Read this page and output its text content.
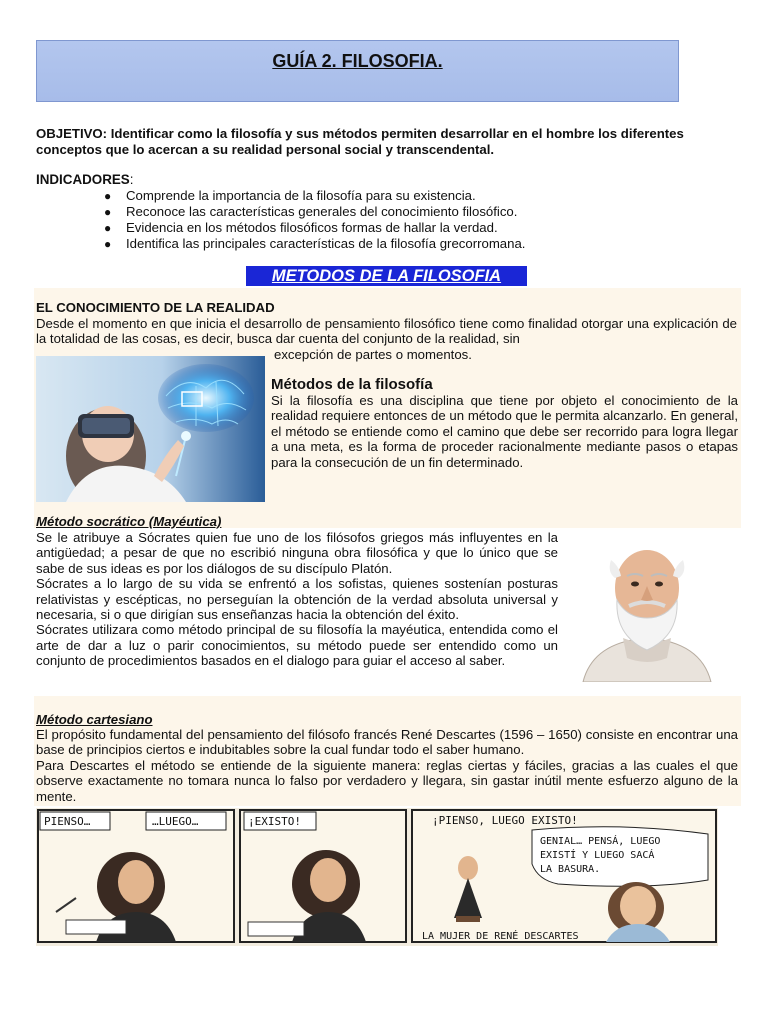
GUÍA 2. FILOSOFIA.
OBJETIVO: Identificar como la filosofía y sus métodos permiten desarrollar en el hombre los diferentes conceptos que lo acercan a su realidad personal social y transcendental.
INDICADORES:
● Comprende la importancia de la filosofía para su existencia.
● Reconoce las características generales del conocimiento filosófico.
● Evidencia en los métodos filosóficos formas de hallar la verdad.
● Identifica las principales características de la filosofía grecorromana.
METODOS DE LA FILOSOFIA
EL CONOCIMIENTO DE LA REALIDAD

Desde el momento en que inicia el desarrollo de pensamiento filosófico tiene como finalidad otorgar una explicación de la totalidad de las cosas, es decir, busca dar cuenta del conjunto de la realidad, sin

excepción de partes o momentos.
Métodos de la filosofía

Si la filosofía es una disciplina que tiene por objeto el conocimiento de la realidad requiere entonces de un método que le permita alcanzarlo. En general, el método se entiende como el camino que debe ser recorrido para logra llegar a una meta, es la forma de proceder racionalmente mediante pasos o etapas para la consecución de un fin determinado.

Método socrático (Mayéutica)

Se le atribuye a Sócrates quien fue uno de los filósofos griegos más influyentes en la antigüedad; a pesar de que no escribió ninguna obra filosófica y que lo único que se sabe de sus ideas es por los diálogos de su discípulo Platón.

Sócrates a lo largo de su vida se enfrentó a los sofistas, quienes sostenían posturas relativistas y escépticas, no perseguían la obtención de la verdad absoluta universal y necesaria, si o que dirigían sus enseñanzas hacia la obtención del éxito.

Sócrates utilizara como método principal de su filosofía la mayéutica, entendida como el arte de dar a luz o parir conocimientos, su método puede ser entendido como un conjunto de procedimientos basados en el dialogo para guiar el acceso al saber.

Método cartesiano

El propósito fundamental del pensamiento del filósofo francés René Descartes (1596 – 1650) consiste en encontrar una base de principios ciertos e indubitables sobre la cual fundar todo el saber humano.

Para Descartes el método se entiende de la siguiente manera: reglas ciertas y fáciles, gracias a las cuales el que observe exactamente no tomara nunca lo falso por verdadero y llegara, sin gastar inútil mente esfuerzo alguno de la mente.

PIENSO…	…LUEGO…	¡EXISTO!	¡PIENSO, LUEGO EXISTO!
GENIAL… PENSÁ, LUEGO
EXISTÍ Y LUEGO SACÁ
LA BASURA.
LA MUJER DE RENÉ DESCARTES
